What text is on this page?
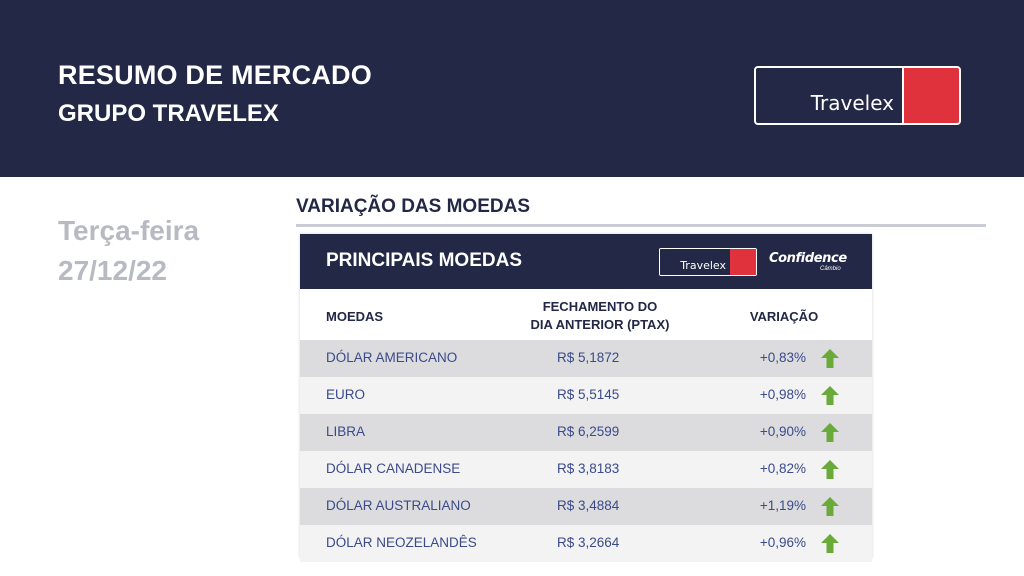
RESUMO DE MERCADO
GRUPO TRAVELEX	Travelex
Terça-feira
27/12/22
VARIAÇÃO DAS MOEDAS
PRINCIPAIS MOEDAS	Travelex	Confidence
Câmbio
MOEDAS
FECHAMENTO DO
DIA ANTERIOR (PTAX)
VARIAÇÃO
DÓLAR AMERICANO	R$ 5,1872	+0,83%
EURO	R$ 5,5145	+0,98%
LIBRA	R$ 6,2599	+0,90%
DÓLAR CANADENSE	R$ 3,8183	+0,82%
DÓLAR AUSTRALIANO	R$ 3,4884	+1,19%
DÓLAR NEOZELANDÊS	R$ 3,2664	+0,96%
